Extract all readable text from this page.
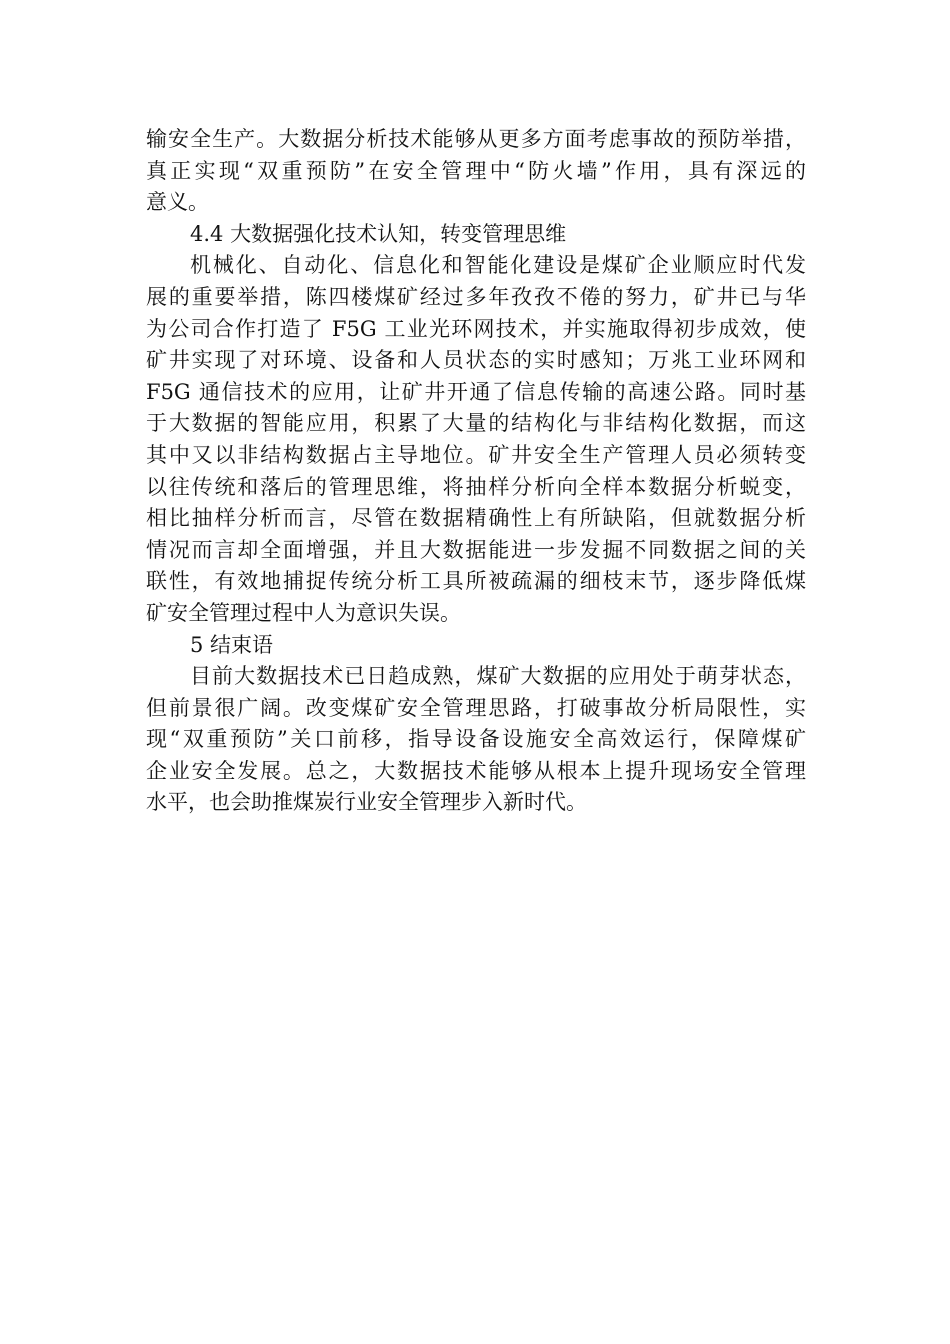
输安全生产。大数据分析技术能够从更多方面考虑事故的预防举措，
真正实现“双重预防”在安全管理中“防火墙”作用，具有深远的
意义。
4.4 大数据强化技术认知，转变管理思维
机械化、自动化、信息化和智能化建设是煤矿企业顺应时代发
展的重要举措，陈四楼煤矿经过多年孜孜不倦的努力，矿井已与华
为公司合作打造了 F5G 工业光环网技术，并实施取得初步成效，使
矿井实现了对环境、设备和人员状态的实时感知；万兆工业环网和
F5G 通信技术的应用，让矿井开通了信息传输的高速公路。同时基
于大数据的智能应用，积累了大量的结构化与非结构化数据，而这
其中又以非结构数据占主导地位。矿井安全生产管理人员必须转变
以往传统和落后的管理思维，将抽样分析向全样本数据分析蜕变，
相比抽样分析而言，尽管在数据精确性上有所缺陷，但就数据分析
情况而言却全面增强，并且大数据能进一步发掘不同数据之间的关
联性，有效地捕捉传统分析工具所被疏漏的细枝末节，逐步降低煤
矿安全管理过程中人为意识失误。
5 结束语
目前大数据技术已日趋成熟，煤矿大数据的应用处于萌芽状态，
但前景很广阔。改变煤矿安全管理思路，打破事故分析局限性，实
现“双重预防”关口前移，指导设备设施安全高效运行，保障煤矿
企业安全发展。总之，大数据技术能够从根本上提升现场安全管理
水平，也会助推煤炭行业安全管理步入新时代。
